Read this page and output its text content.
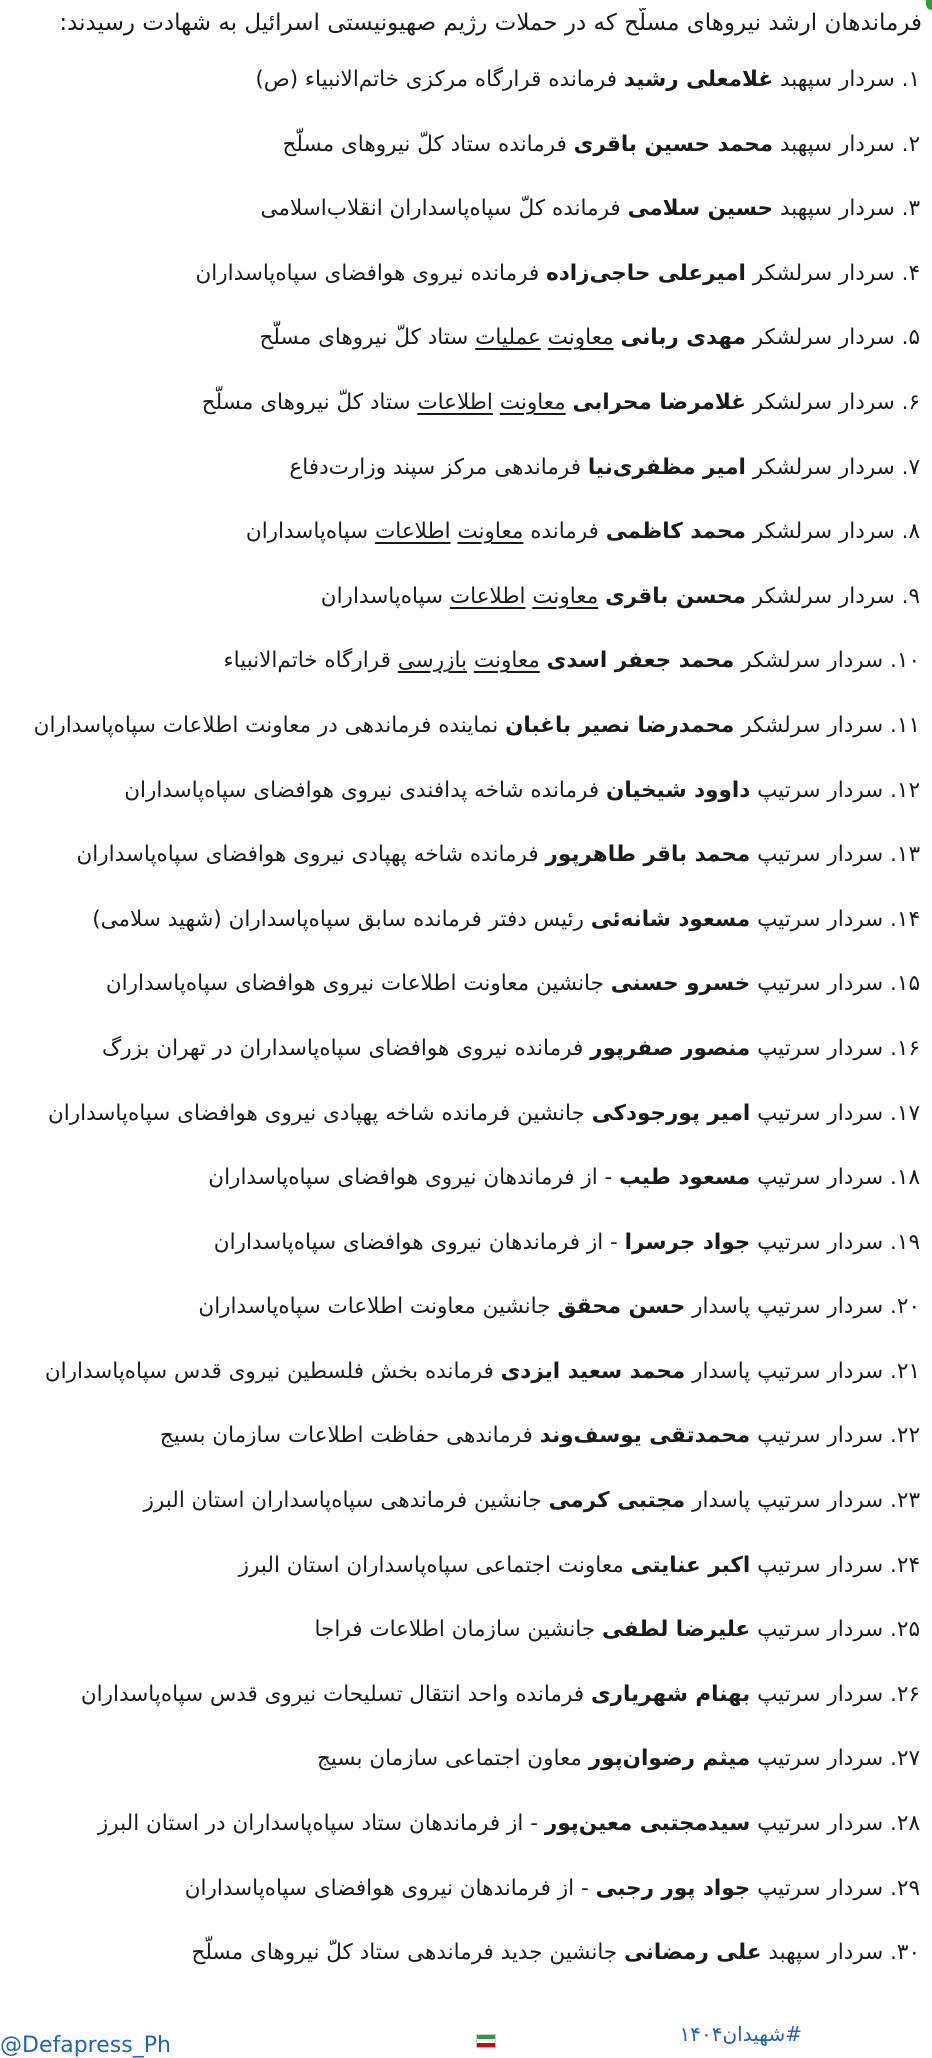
فرماندهان ارشد نیروهای مسلّح که در حملات رژیم صهیونیستی اسرائیل به شهادت رسیدند:
۱. سردار سپهبد غلامعلی رشید فرمانده قرارگاه مرکزی خاتم‌الانبیاء (ص)
۲. سردار سپهبد محمد حسین باقری فرمانده ستاد کلّ نیروهای مسلّح
۳. سردار سپهبد حسین سلامی فرمانده کلّ سپاه‌پاسداران انقلاب‌اسلامی
۴. سردار سرلشکر امیرعلی حاجی‌زاده فرمانده نیروی هوافضای سپاه‌پاسداران
۵. سردار سرلشکر مهدی ربانی معاونت عملیات ستاد کلّ نیروهای مسلّح
۶. سردار سرلشکر غلامرضا محرابی معاونت اطلاعات ستاد کلّ نیروهای مسلّح
۷. سردار سرلشکر امیر مظفری‌نیا فرماندهی مرکز سپند وزارت‌دفاع
۸. سردار سرلشکر محمد کاظمی فرمانده معاونت اطلاعات سپاه‌پاسداران
۹. سردار سرلشکر محسن باقری معاونت اطلاعات سپاه‌پاسداران
۱۰. سردار سرلشکر محمد جعفر اسدی معاونت بازرسی قرارگاه خاتم‌الانبیاء
۱۱. سردار سرلشکر محمدرضا نصیر باغبان نماینده فرماندهی در معاونت اطلاعات سپاه‌پاسداران
۱۲. سردار سرتیپ داوود شیخیان فرمانده شاخه پدافندی نیروی هوافضای سپاه‌پاسداران
۱۳. سردار سرتیپ محمد باقر طاهرپور فرمانده شاخه پهپادی نیروی هوافضای سپاه‌پاسداران
۱۴. سردار سرتیپ مسعود شانه‌ئی رئیس دفتر فرمانده سابق سپاه‌پاسداران (شهید سلامی)
۱۵. سردار سرتیپ خسرو حسنی جانشین معاونت اطلاعات نیروی هوافضای سپاه‌پاسداران
۱۶. سردار سرتیپ منصور صفرپور فرمانده نیروی هوافضای سپاه‌پاسداران در تهران بزرگ
۱۷. سردار سرتیپ امیر پورجودکی جانشین فرمانده شاخه پهپادی نیروی هوافضای سپاه‌پاسداران
۱۸. سردار سرتیپ مسعود طیب - از فرماندهان نیروی هوافضای سپاه‌پاسداران
۱۹. سردار سرتیپ جواد جرسرا - از فرماندهان نیروی هوافضای سپاه‌پاسداران
۲۰. سردار سرتیپ پاسدار حسن محقق جانشین معاونت اطلاعات سپاه‌پاسداران
۲۱. سردار سرتیپ پاسدار محمد سعید ایزدی فرمانده بخش فلسطین نیروی قدس سپاه‌پاسداران
۲۲. سردار سرتیپ محمدتقی یوسف‌وند فرماندهی حفاظت اطلاعات سازمان بسیج
۲۳. سردار سرتیپ پاسدار مجتبی کرمی جانشین فرماندهی سپاه‌پاسداران استان البرز
۲۴. سردار سرتیپ اکبر عنایتی معاونت اجتماعی سپاه‌پاسداران استان البرز
۲۵. سردار سرتیپ علیرضا لطفی جانشین سازمان اطلاعات فراجا
۲۶. سردار سرتیپ بهنام شهریاری فرمانده واحد انتقال تسلیحات نیروی قدس سپاه‌پاسداران
۲۷. سردار سرتیپ میثم رضوان‌پور معاون اجتماعی سازمان بسیج
۲۸. سردار سرتیپ سیدمجتبی معین‌پور - از فرماندهان ستاد سپاه‌پاسداران در استان البرز
۲۹. سردار سرتیپ جواد پور رجبی - از فرماندهان نیروی هوافضای سپاه‌پاسداران
۳۰. سردار سپهبد علی رمضانی جانشین جدید فرماندهی ستاد کلّ نیروهای مسلّح
#شهیدان۱۴۰۴
@Defapress_Ph
